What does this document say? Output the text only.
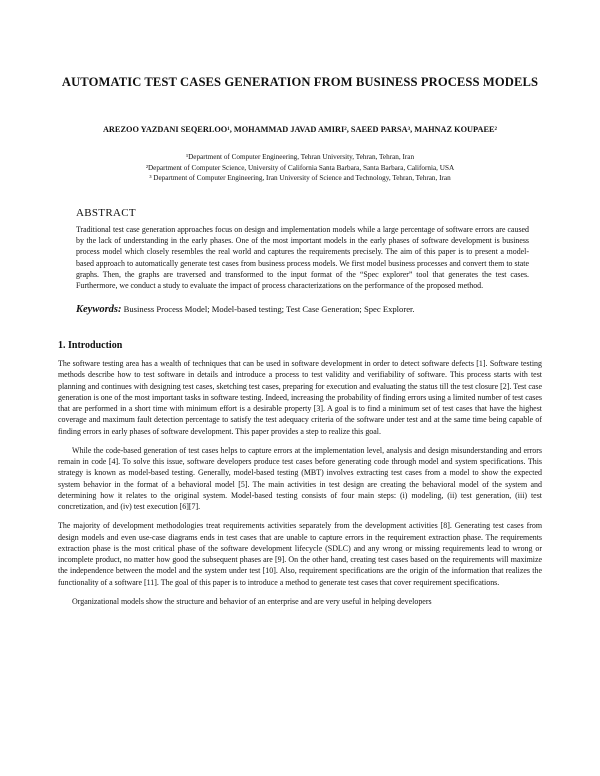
AUTOMATIC TEST CASES GENERATION FROM BUSINESS PROCESS MODELS
AREZOO YAZDANI SEQERLOO¹, MOHAMMAD JAVAD AMIRI², SAEED PARSA³, MAHNAZ KOUPAEE²
¹Department of Computer Engineering, Tehran University, Tehran, Tehran, Iran
²Department of Computer Science, University of California Santa Barbara, Santa Barbara, California, USA
³ Department of Computer Engineering, Iran University of Science and Technology, Tehran, Tehran, Iran
ABSTRACT
Traditional test case generation approaches focus on design and implementation models while a large percentage of software errors are caused by the lack of understanding in the early phases. One of the most important models in the early phases of software development is business process model which closely resembles the real world and captures the requirements precisely. The aim of this paper is to present a model-based approach to automatically generate test cases from business process models. We first model business processes and convert them to state graphs. Then, the graphs are traversed and transformed to the input format of the “Spec explorer” tool that generates the test cases. Furthermore, we conduct a study to evaluate the impact of process characterizations on the performance of the proposed method.
Keywords: Business Process Model; Model-based testing; Test Case Generation; Spec Explorer.
1. Introduction

The software testing area has a wealth of techniques that can be used in software development in order to detect software defects [1]. Software testing methods describe how to test software in details and introduce a process to test validity and verifiability of software. This process starts with test planning and continues with designing test cases, sketching test cases, preparing for execution and evaluating the status till the test closure [2]. Test case generation is one of the most important tasks in software testing. Indeed, increasing the probability of finding errors using a limited number of test cases that are performed in a short time with minimum effort is a desirable property [3]. A goal is to find a minimum set of test cases that have the highest coverage and maximum fault detection percentage to satisfy the test adequacy criteria of the software under test and at the same time being capable of finding errors in early phases of software development. This paper provides a step to realize this goal.

While the code-based generation of test cases helps to capture errors at the implementation level, analysis and design misunderstanding and errors remain in code [4]. To solve this issue, software developers produce test cases before generating code through model and system specifications. This strategy is known as model-based testing. Generally, model-based testing (MBT) involves extracting test cases from a model to show the expected system behavior in the format of a behavioral model [5]. The main activities in test design are creating the behavioral model of the system and determining how it relates to the original system. Model-based testing consists of four main steps: (i) modeling, (ii) test generation, (iii) test concretization, and (iv) test execution [6][7].

The majority of development methodologies treat requirements activities separately from the development activities [8]. Generating test cases from design models and even use-case diagrams ends in test cases that are unable to capture errors in the requirement extraction phase. The requirements extraction phase is the most critical phase of the software development lifecycle (SDLC) and any wrong or missing requirements lead to wrong or incomplete product, no matter how good the subsequent phases are [9]. On the other hand, creating test cases based on the requirements will maximize the independence between the model and the system under test [10]. Also, requirement specifications are the origin of the information that realizes the functionality of a software [11]. The goal of this paper is to introduce a method to generate test cases that cover requirement specifications.

Organizational models show the structure and behavior of an enterprise and are very useful in helping developers
